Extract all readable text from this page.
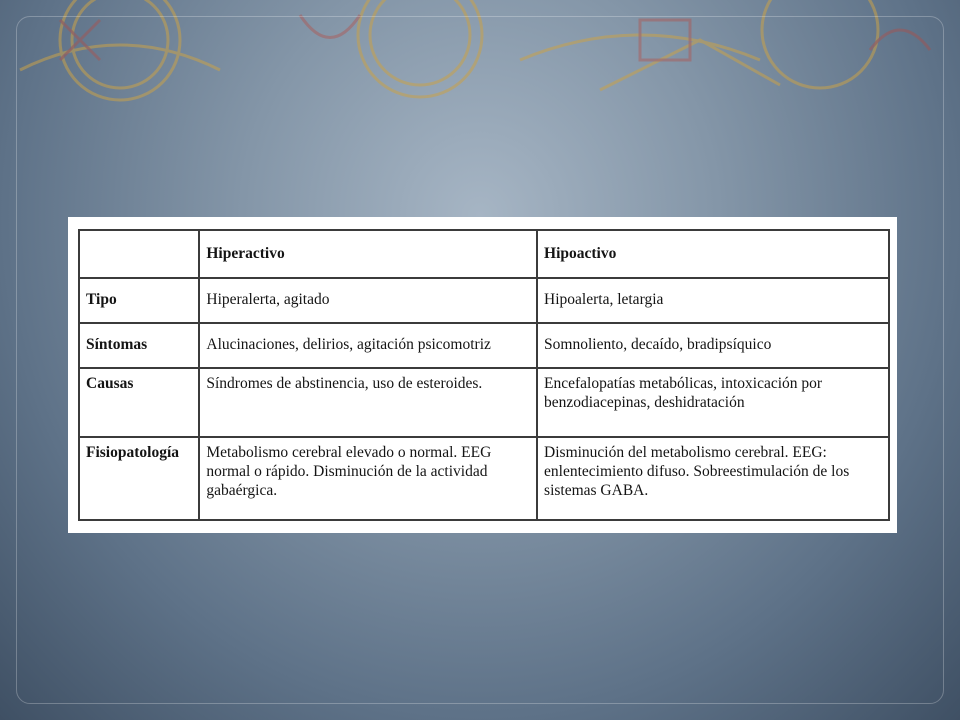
	Hiperactivo	Hipoactivo
Tipo	Hiperalerta, agitado	Hipoalerta, letargia
Síntomas	Alucinaciones, delirios, agitación psicomotriz	Somnoliento, decaído, bradipsíquico
Causas	Síndromes de abstinencia, uso de esteroides.	Encefalopatías metabólicas, intoxicación por benzodiacepinas, deshidratación
Fisiopatología	Metabolismo cerebral elevado o normal. EEG normal o rápido. Disminución de la actividad gabaérgica.	Disminución del metabolismo cerebral. EEG: enlentecimiento difuso. Sobreestimulación de los sistemas GABA.
